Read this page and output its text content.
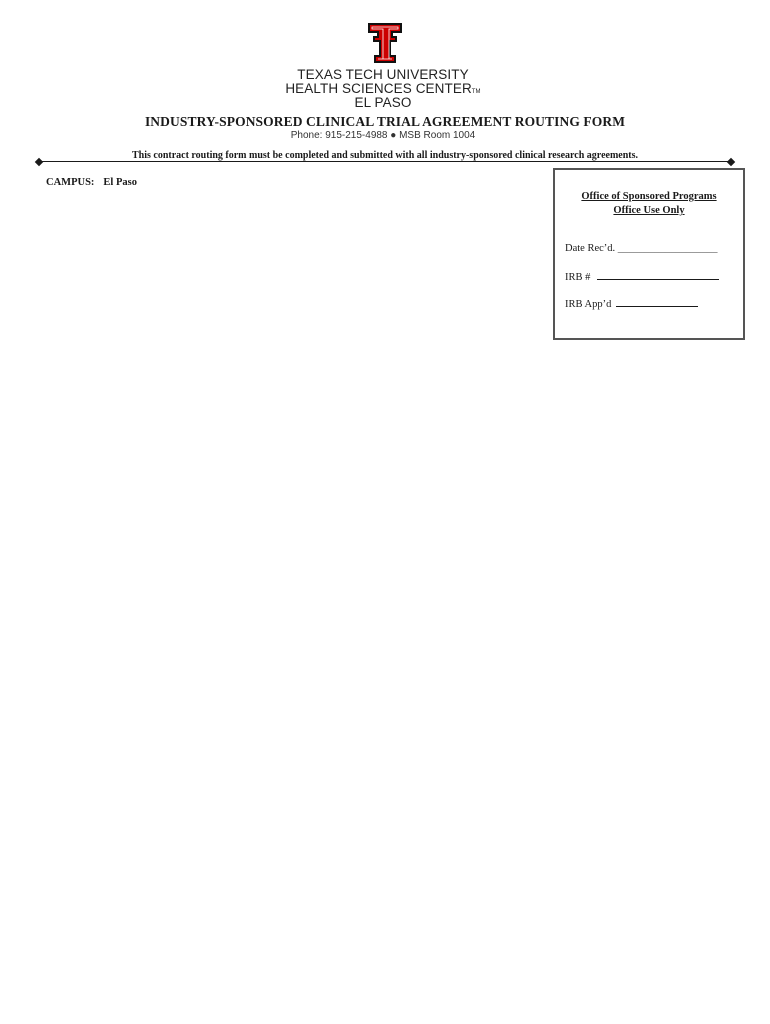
TEXAS TECH UNIVERSITY
HEALTH SCIENCES CENTERTM
EL PASO
INDUSTRY-SPONSORED CLINICAL TRIAL AGREEMENT ROUTING FORM
Phone: 915-215-4988 ● MSB Room 1004
This contract routing form must be completed and submitted with all industry-sponsored clinical research agreements.
CAMPUS: El Paso
Office of Sponsored Programs
Office Use Only
Date Rec’d. ___________________
IRB #
IRB App’d
